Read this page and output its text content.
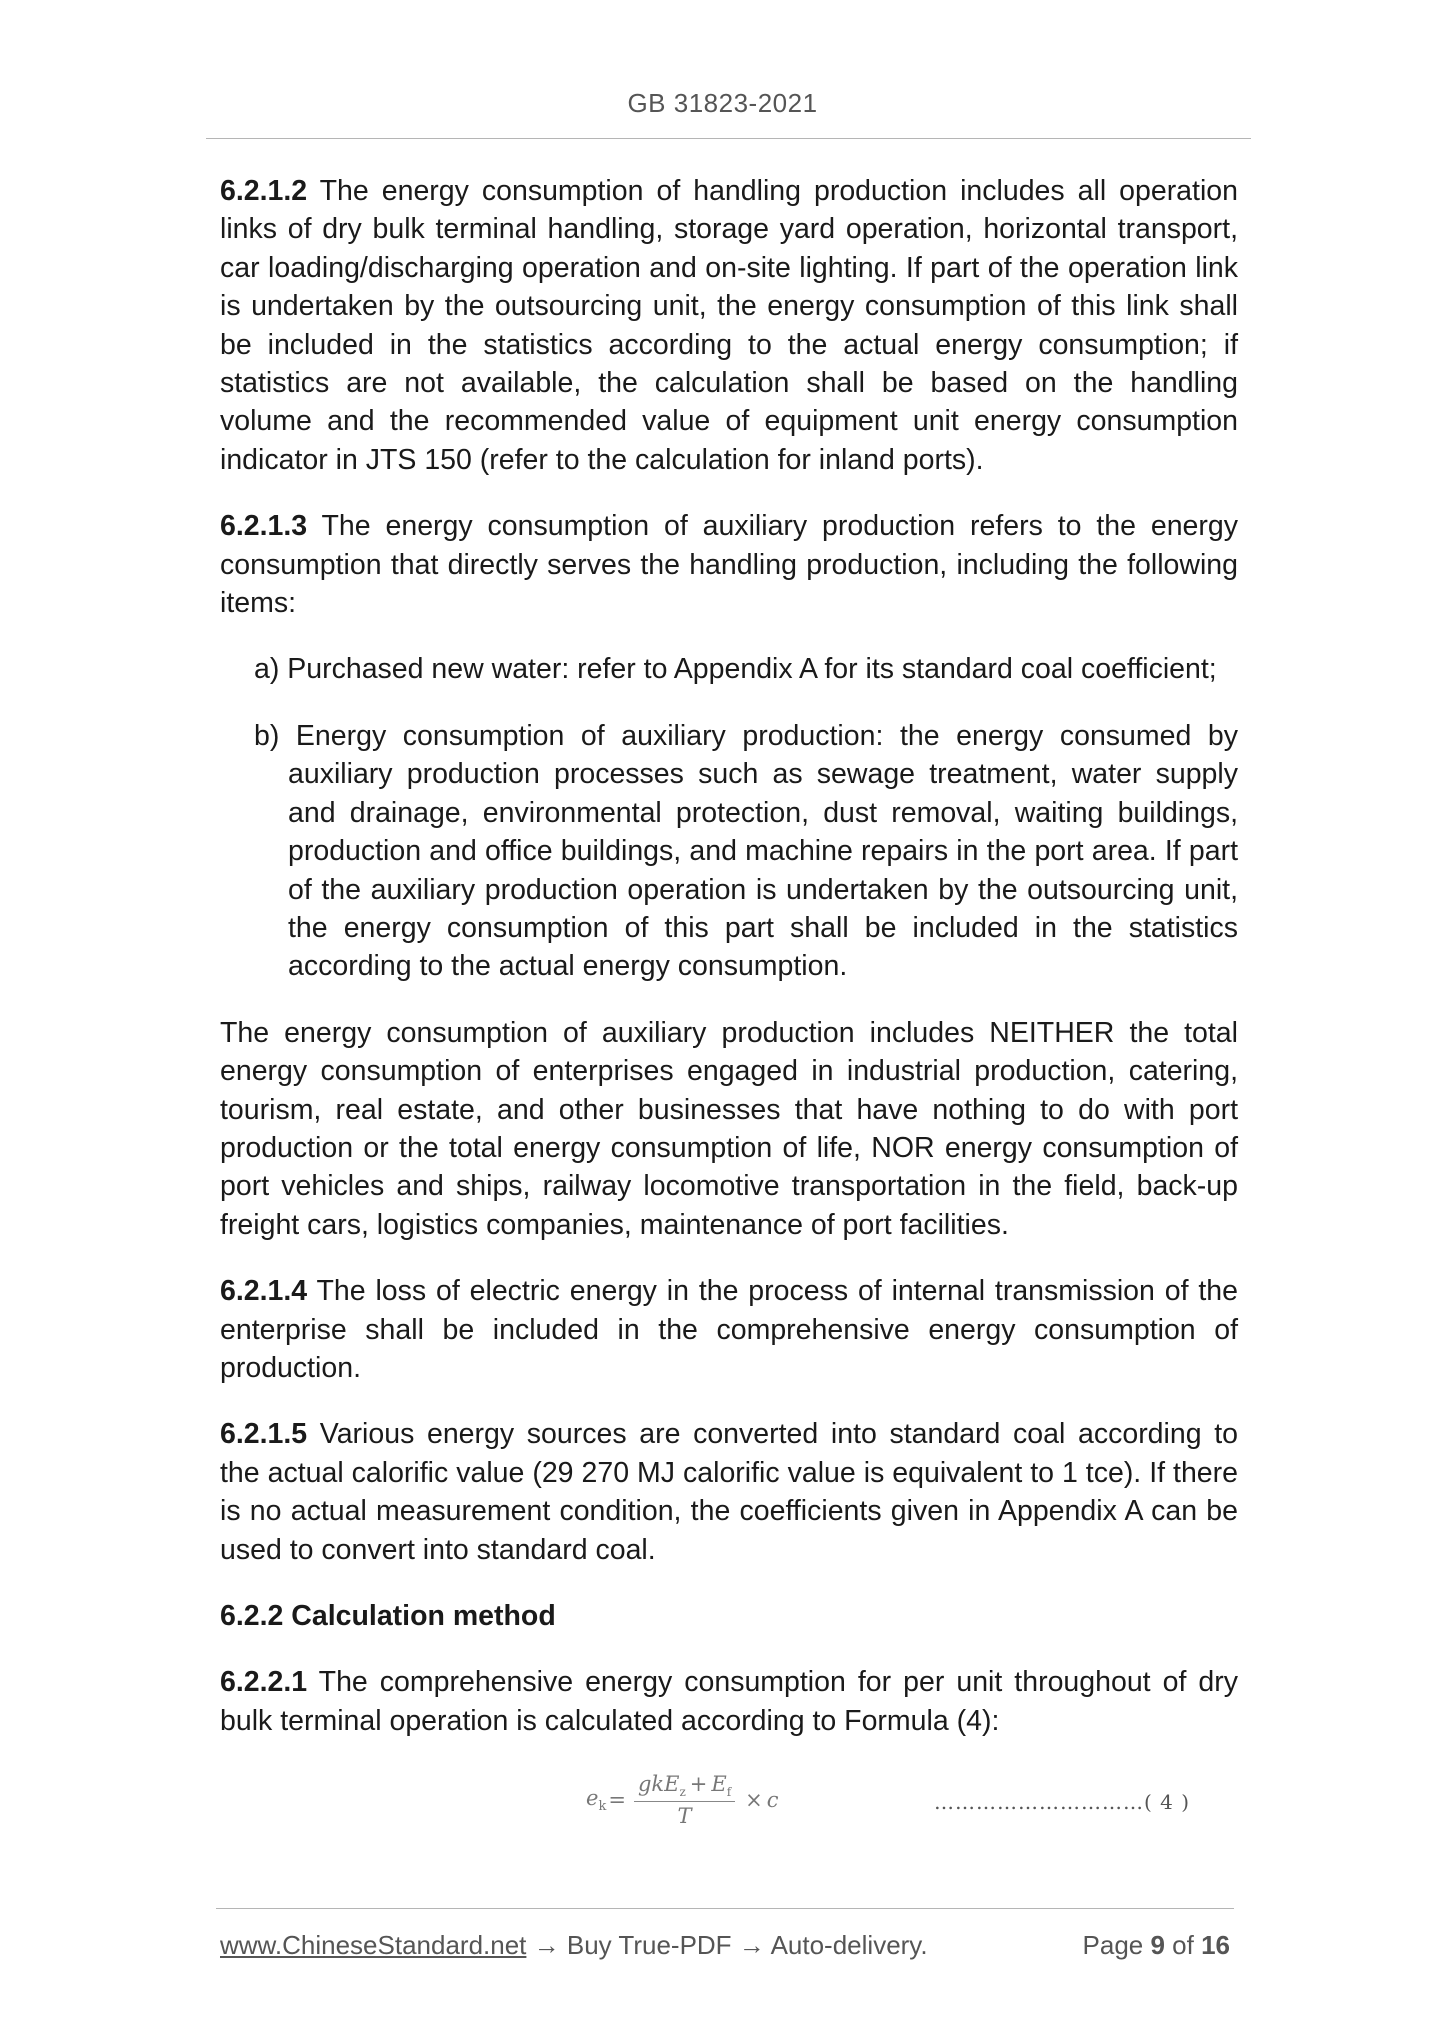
GB 31823-2021

6.2.1.2 The energy consumption of handling production includes all operation links of dry bulk terminal handling, storage yard operation, horizontal transport, car loading/discharging operation and on-site lighting. If part of the operation link is undertaken by the outsourcing unit, the energy consumption of this link shall be included in the statistics according to the actual energy consumption; if statistics are not available, the calculation shall be based on the handling volume and the recommended value of equipment unit energy consumption indicator in JTS 150 (refer to the calculation for inland ports).

6.2.1.3 The energy consumption of auxiliary production refers to the energy consumption that directly serves the handling production, including the following items:

a) Purchased new water: refer to Appendix A for its standard coal coefficient;

b) Energy consumption of auxiliary production: the energy consumed by auxiliary production processes such as sewage treatment, water supply and drainage, environmental protection, dust removal, waiting buildings, production and office buildings, and machine repairs in the port area. If part of the auxiliary production operation is undertaken by the outsourcing unit, the energy consumption of this part shall be included in the statistics according to the actual energy consumption.

The energy consumption of auxiliary production includes NEITHER the total energy consumption of enterprises engaged in industrial production, catering, tourism, real estate, and other businesses that have nothing to do with port production or the total energy consumption of life, NOR energy consumption of port vehicles and ships, railway locomotive transportation in the field, back-up freight cars, logistics companies, maintenance of port facilities.

6.2.1.4 The loss of electric energy in the process of internal transmission of the enterprise shall be included in the comprehensive energy consumption of production.

6.2.1.5 Various energy sources are converted into standard coal according to the actual calorific value (29 270 MJ calorific value is equivalent to 1 tce). If there is no actual measurement condition, the coefficients given in Appendix A can be used to convert into standard coal.

6.2.2 Calculation method

6.2.2.1 The comprehensive energy consumption for per unit throughout of dry bulk terminal operation is calculated according to Formula (4):

$e_k = \frac{gkE_z + E_f}{T} \times c$	…………………………( 4 )
www.ChineseStandard.net → Buy True-PDF → Auto-delivery.	Page 9 of 16
